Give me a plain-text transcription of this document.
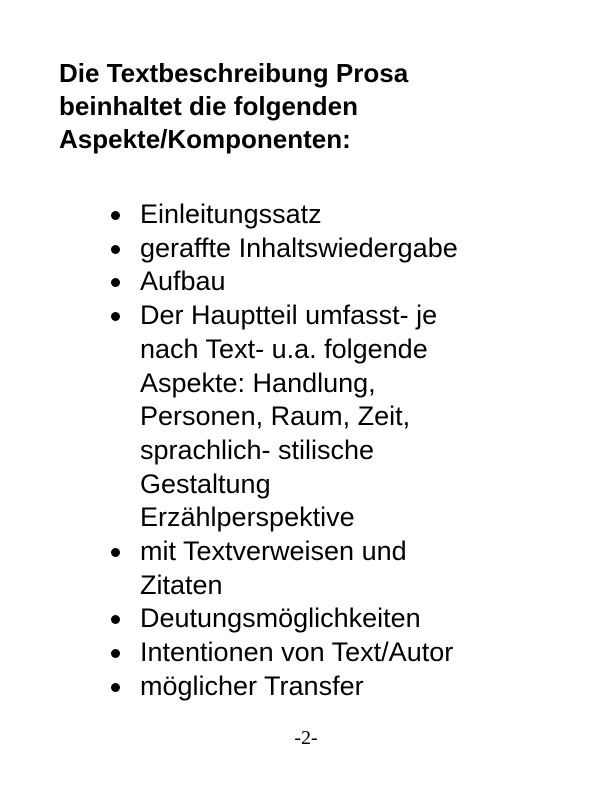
Die Textbeschreibung Prosa
beinhaltet die folgenden
Aspekte/Komponenten:
Einleitungssatz
geraffte Inhaltswiedergabe
Aufbau
Der Hauptteil umfasst- je
nach Text- u.a. folgende
Aspekte: Handlung,
Personen, Raum, Zeit,
sprachlich- stilische
Gestaltung
Erzählperspektive
mit Textverweisen und
Zitaten
Deutungsmöglichkeiten
Intentionen von Text/Autor
möglicher Transfer
-2-
